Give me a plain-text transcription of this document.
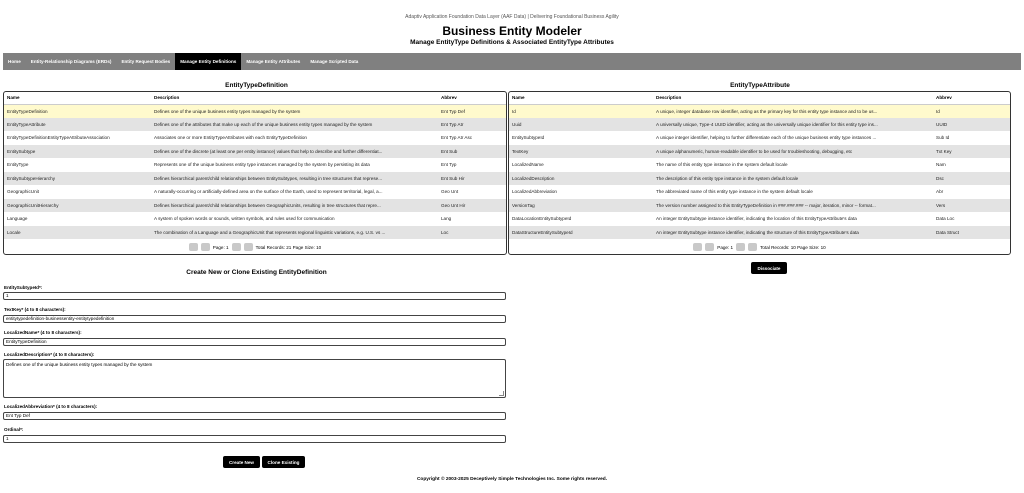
Adaptiv Application Foundation Data Layer (AAF Data) | Delivering Foundational Business Agility
Business Entity Modeler
Manage EntityType Definitions & Associated EntityType Attributes
Home	Entity-Relationship Diagrams (ERDs)	Entity Request Bodies	Manage Entity Definitions	Manage Entity Attributes	Manage Scripted Data
EntityTypeDefinition
Name	Description	Abbrev
EntityTypeDefinition	Defines one of the unique business entity types managed by the system	Ent Typ Def
EntityTypeAttribute	Defines one of the attributes that make up each of the unique business entity types managed by the system	Ent Typ Atr
EntityTypeDefinitionEntityTypeAttributeAssociation	Associates one or more EntityTypeAttributes with each EntityTypeDefinition	Ent Typ Atr Asc
EntitySubtype	Defines one of the discrete (at least one per entity instance) values that help to describe and further differentiat...	Ent Sub
EntityType	Represents one of the unique business entity type instances managed by the system by persisting its data	Ent Typ
EntitySubtypeHierarchy	Defines hierarchical parent/child relationships between EntitySubtypes, resulting in tree structures that represe...	Ent Sub Hir
GeographicUnit	A naturally-occurring or artificially-defined area on the surface of the Earth, used to represent territorial, legal, a...	Geo Unt
GeographicUnitHierarchy	Defines hierarchical parent/child relationships between GeographicUnits, resulting in tree structures that repre...	Geo Unt Hir
Language	A system of spoken words or sounds, written symbols, and rules used for communication	Lang
Locale	The combination of a Language and a GeographicUnit that represents regional linguistic variations, e.g. U.S. vs ...	Loc
Page: 1	Total Records: 21 Page Size: 10
EntityTypeAttribute
Name	Description	Abbrev
Id	A unique, integer database row identifier, acting as the primary key for this entity type instance and to be us...	Id
Uuid	A universally unique, Type-4 UUID identifier, acting as the universally unique identifier for this entity type ins...	UUID
EntitySubtypeId	A unique integer identifier, helping to further differentiate each of the unique business entity type instances ...	Sub Id
TextKey	A unique alphanumeric, human-readable identifier to be used for troubleshooting, debugging, etc	Txt Key
LocalizedName	The name of this entity type instance in the system default locale	Nam
LocalizedDescription	The description of this entity type instance in the system default locale	Dsc
LocalizedAbbreviation	The abbreviated name of this entity type instance in the system default locale	Abr
VersionTag	The version number assigned to this EntityTypeDefinition in ###.###.### -- major, iteration, minor -- format...	Vers
DataLocationEntitySubtypeId	An integer EntitySubtype instance identifier, indicating the location of this EntityTypeAttribute's data	Data Loc
DataStructureEntitySubtypeId	An integer EntitySubtype instance identifier, indicating the structure of this EntityTypeAttribute's data	Data Struct
Page: 1	Total Records: 10 Page Size: 10
Dissociate
Create New or Clone Existing EntityDefinition
EntitySubtypeId*:
1
TextKey* (4 to 8 characters):
entitytypedefinition-businessentity-entitytypedefinition
LocalizedName* (4 to 8 characters):
EntityTypeDefinition
LocalizedDescription* (4 to 8 characters):
Defines one of the unique business entity types managed by the system
LocalizedAbbreviation* (4 to 8 characters):
Ent Typ Def
Ordinal*:
1
Create New	Clone Existing
Copyright © 2003-2025 Deceptively Simple Technologies Inc. Some rights reserved.
